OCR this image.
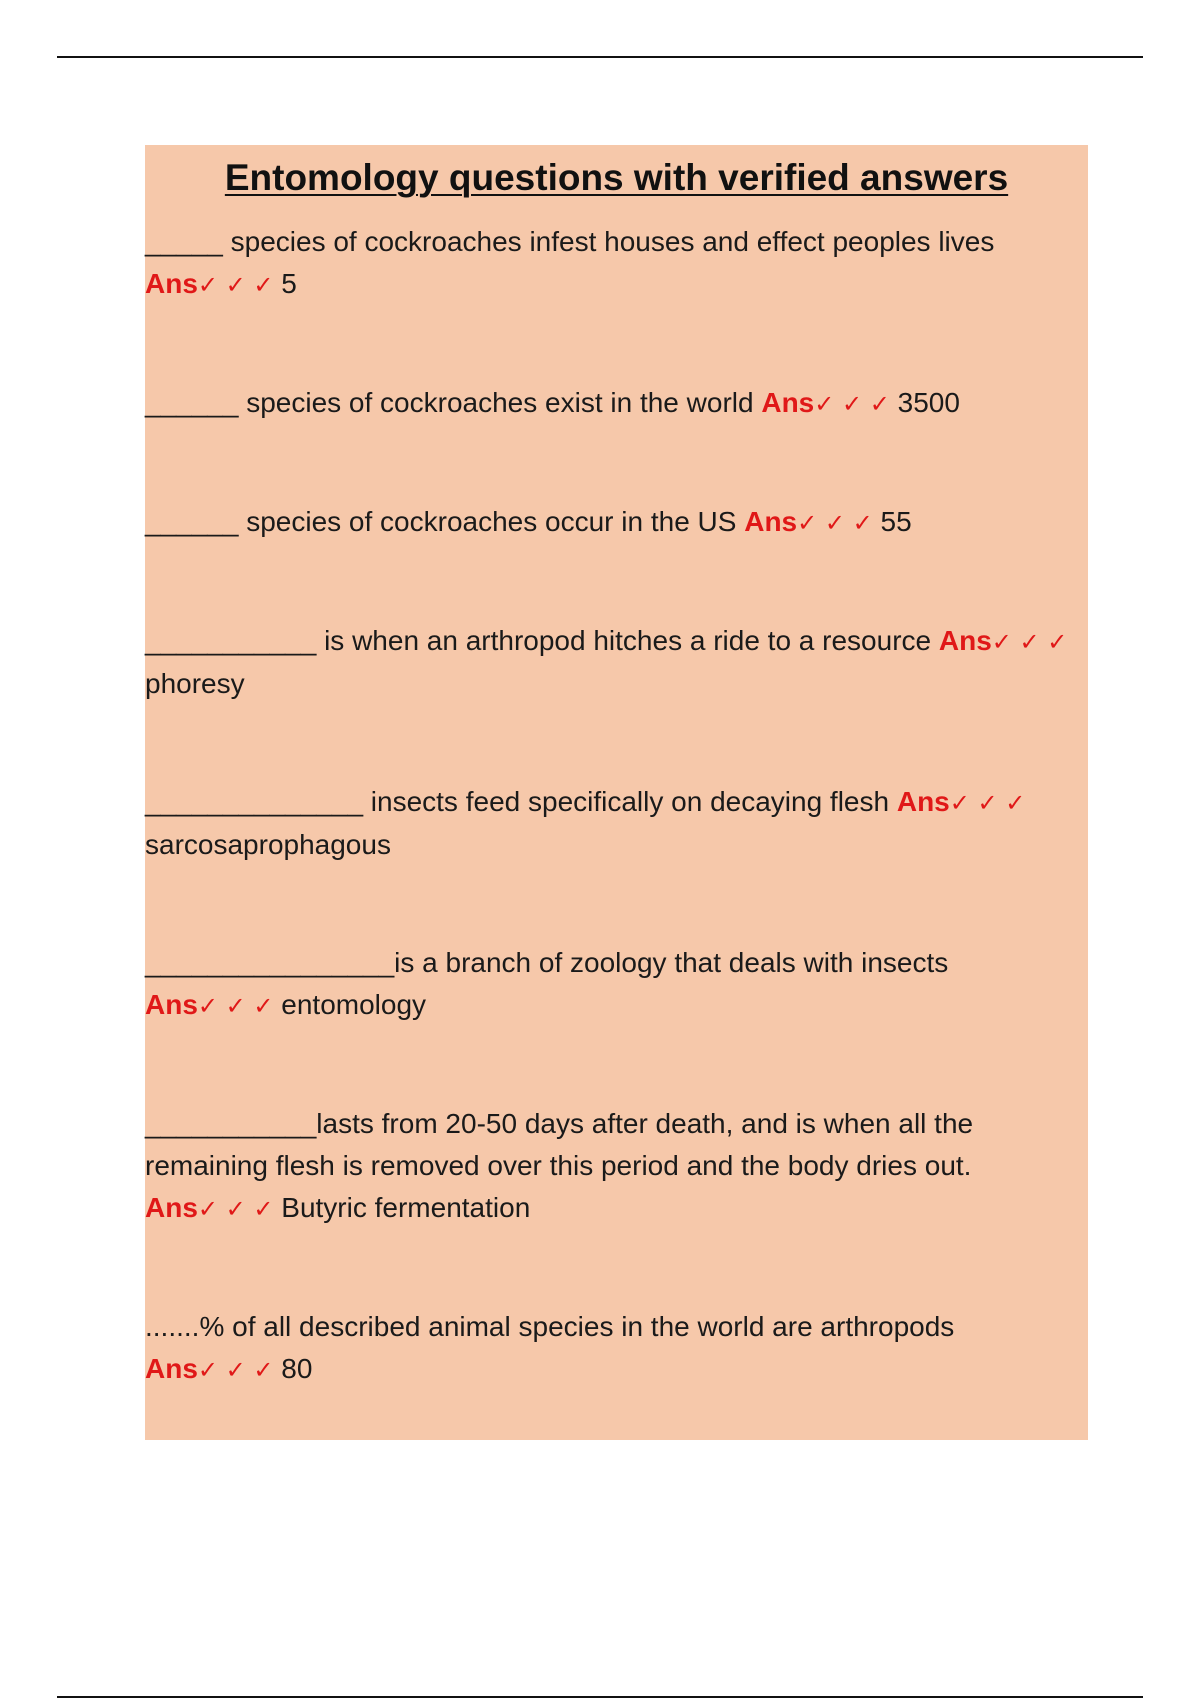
Entomology questions with verified answers

_____ species of cockroaches infest houses and effect peoples lives
Ans✓ ✓ ✓ 5

______ species of cockroaches exist in the world Ans✓ ✓ ✓ 3500

______ species of cockroaches occur in the US Ans✓ ✓ ✓ 55

___________ is when an arthropod hitches a ride to a resource Ans✓ ✓ ✓
phoresy

______________ insects feed specifically on decaying flesh Ans✓ ✓ ✓
sarcosaprophagous

________________is a branch of zoology that deals with insects
Ans✓ ✓ ✓ entomology

___________lasts from 20-50 days after death, and is when all the remaining flesh is removed over this period and the body dries out.
Ans✓ ✓ ✓ Butyric fermentation

.......% of all described animal species in the world are arthropods
Ans✓ ✓ ✓ 80
